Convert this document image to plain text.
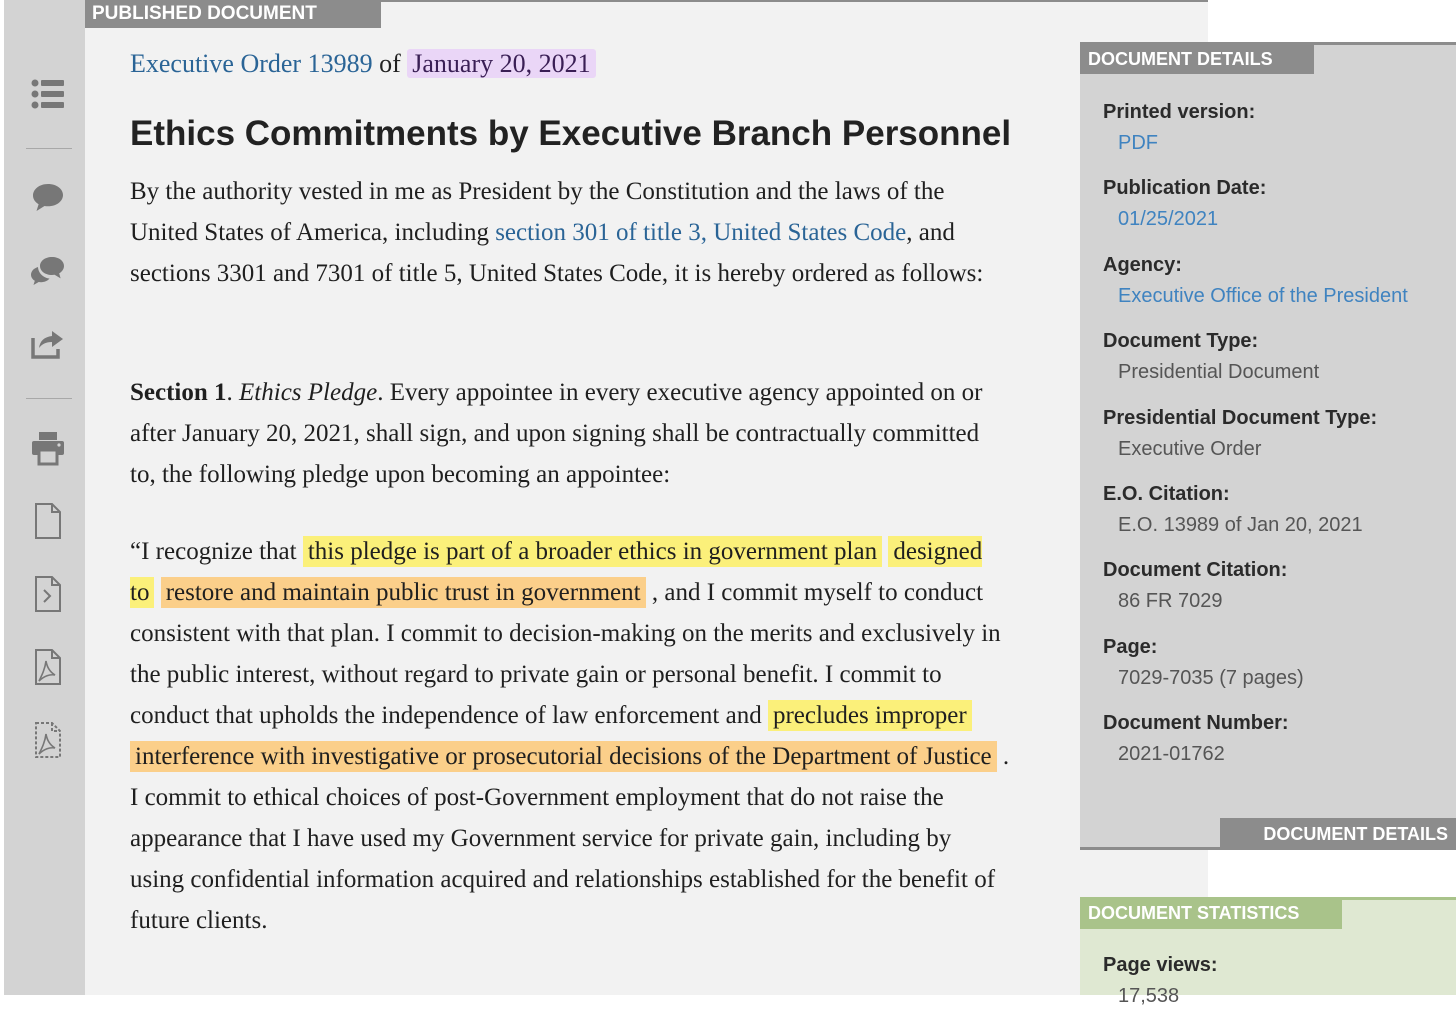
PUBLISHED DOCUMENT
Executive Order 13989 of January 20, 2021
Ethics Commitments by Executive Branch Personnel

By the authority vested in me as President by the Constitution and the laws of the United States of America, including section 301 of title 3, United States Code, and sections 3301 and 7301 of title 5, United States Code, it is hereby ordered as follows:

Section 1. Ethics Pledge. Every appointee in every executive agency appointed on or after January 20, 2021, shall sign, and upon signing shall be contractually committed to, the following pledge upon becoming an appointee:

“I recognize that this pledge is part of a broader ethics in government plan designed to restore and maintain public trust in government , and I commit myself to conduct consistent with that plan. I commit to decision-making on the merits and exclusively in the public interest, without regard to private gain or personal benefit. I commit to conduct that upholds the independence of law enforcement and precludes improper interference with investigative or prosecutorial decisions of the Department of Justice . I commit to ethical choices of post-Government employment that do not raise the appearance that I have used my Government service for private gain, including by using confidential information acquired and relationships established for the benefit of future clients.

DOCUMENT DETAILS
Printed version:
PDF
Publication Date:
01/25/2021
Agency:
Executive Office of the President
Document Type:
Presidential Document
Presidential Document Type:
Executive Order
E.O. Citation:
E.O. 13989 of Jan 20, 2021
Document Citation:
86 FR 7029
Page:
7029-7035 (7 pages)
Document Number:
2021-01762
DOCUMENT DETAILS
DOCUMENT STATISTICS
Page views:
17,538
